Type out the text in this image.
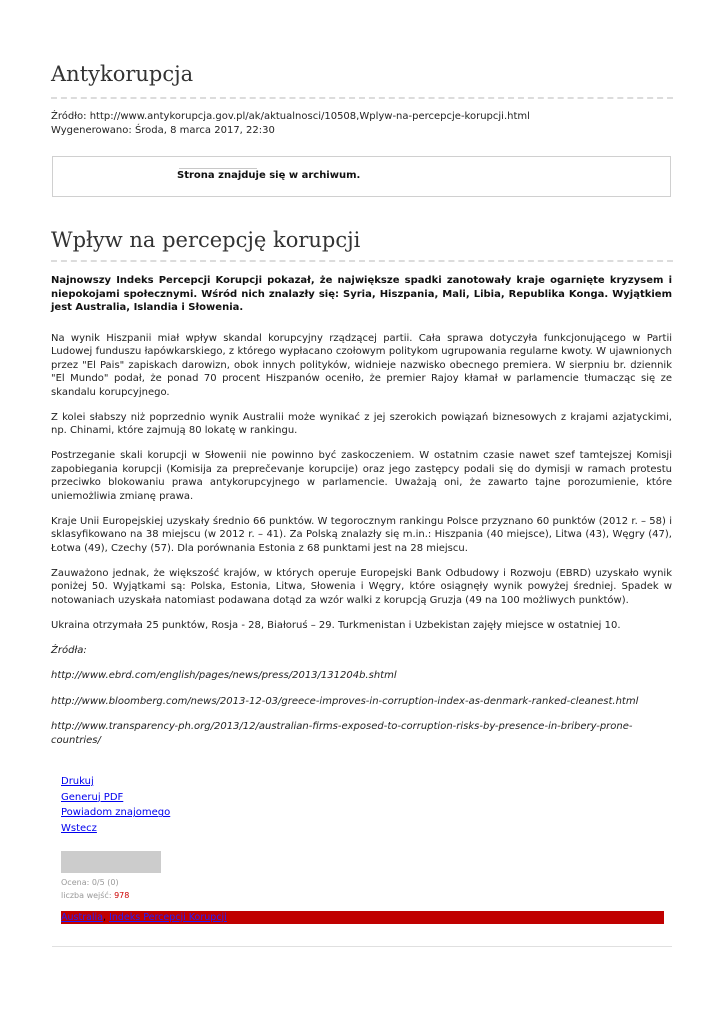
Antykorupcja
Źródło: http://www.antykorupcja.gov.pl/ak/aktualnosci/10508,Wplyw-na-percepcje-korupcji.html
Wygenerowano: Środa, 8 marca 2017, 22:30
Strona znajduje się w archiwum.
Wpływ na percepcję korupcji

Najnowszy Indeks Percepcji Korupcji pokazał, że największe spadki zanotowały kraje ogarnięte kryzysem i niepokojami społecznymi. Wśród nich znalazły się: Syria, Hiszpania, Mali, Libia, Republika Konga. Wyjątkiem jest Australia, Islandia i Słowenia.

Na wynik Hiszpanii miał wpływ skandal korupcyjny rządzącej partii. Cała sprawa dotyczyła funkcjonującego w Partii Ludowej funduszu łapówkarskiego, z którego wypłacano czołowym politykom ugrupowania regularne kwoty. W ujawnionych przez "El Pais" zapiskach darowizn, obok innych polityków, widnieje nazwisko obecnego premiera. W sierpniu br. dziennik "El Mundo" podał, że ponad 70 procent Hiszpanów oceniło, że premier Rajoy kłamał w parlamencie tłumacząc się ze skandalu korupcyjnego.

Z kolei słabszy niż poprzednio wynik Australii może wynikać z jej szerokich powiązań biznesowych z krajami azjatyckimi, np. Chinami, które zajmują 80 lokatę w rankingu.

Postrzeganie skali korupcji w Słowenii nie powinno być zaskoczeniem. W ostatnim czasie nawet szef tamtejszej Komisji zapobiegania korupcji (Komisija za preprečevanje korupcije) oraz jego zastępcy podali się do dymisji w ramach protestu przeciwko blokowaniu prawa antykorupcyjnego w parlamencie. Uważają oni, że zawarto tajne porozumienie, które uniemożliwia zmianę prawa.

Kraje Unii Europejskiej uzyskały średnio 66 punktów. W tegorocznym rankingu Polsce przyznano 60 punktów (2012 r. – 58) i sklasyfikowano na 38 miejscu (w 2012 r. – 41). Za Polską znalazły się m.in.: Hiszpania (40 miejsce), Litwa (43), Węgry (47), Łotwa (49), Czechy (57). Dla porównania Estonia z 68 punktami jest na 28 miejscu.

Zauważono jednak, że większość krajów, w których operuje Europejski Bank Odbudowy i Rozwoju (EBRD) uzyskało wynik poniżej 50. Wyjątkami są: Polska, Estonia, Litwa, Słowenia i Węgry, które osiągnęły wynik powyżej średniej. Spadek w notowaniach uzyskała natomiast podawana dotąd za wzór walki z korupcją Gruzja (49 na 100 możliwych punktów).

Ukraina otrzymała 25 punktów, Rosja - 28, Białoruś – 29. Turkmenistan i Uzbekistan zajęły miejsce w ostatniej 10.

Źródła:

http://www.ebrd.com/english/pages/news/press/2013/131204b.shtml

http://www.bloomberg.com/news/2013-12-03/greece-improves-in-corruption-index-as-denmark-ranked-cleanest.html

http://www.transparency-ph.org/2013/12/australian-firms-exposed-to-corruption-risks-by-presence-in-bribery-prone-countries/

Drukuj
Generuj PDF
Powiadom znajomego
Wstecz
Ocena: 0/5 (0)
liczba wejść: 978
Australia, Indeks Percepcji Korupcji
